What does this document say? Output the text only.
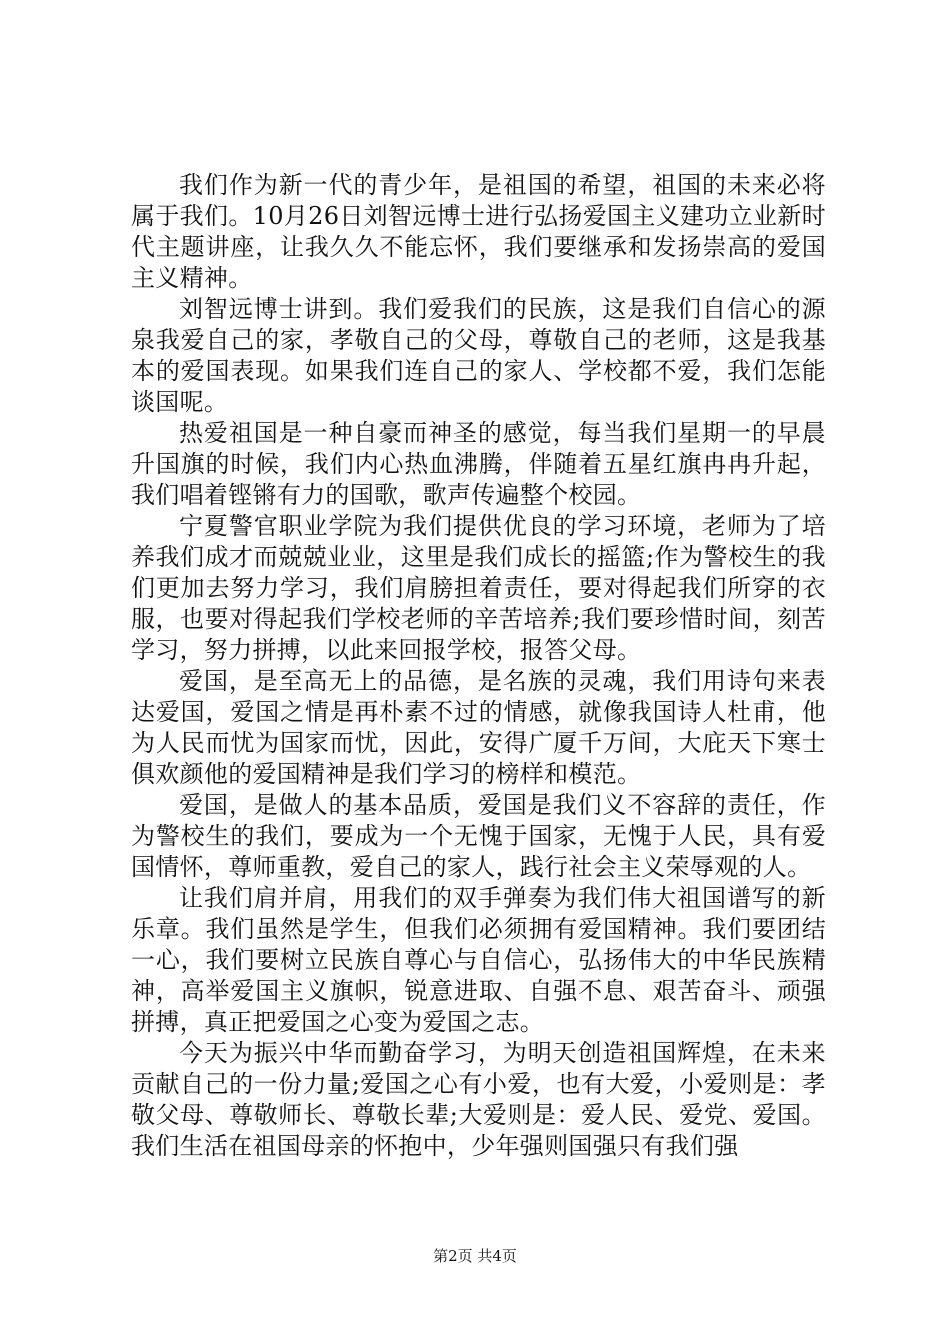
我们作为新一代的青少年，是祖国的希望，祖国的未来必将属于我们。10月26日刘智远博士进行弘扬爱国主义建功立业新时代主题讲座，让我久久不能忘怀，我们要继承和发扬崇高的爱国主义精神。

刘智远博士讲到。我们爱我们的民族，这是我们自信心的源泉我爱自己的家，孝敬自己的父母，尊敬自己的老师，这是我基本的爱国表现。如果我们连自己的家人、学校都不爱，我们怎能谈国呢。

热爱祖国是一种自豪而神圣的感觉，每当我们星期一的早晨升国旗的时候，我们内心热血沸腾，伴随着五星红旗冉冉升起，我们唱着铿锵有力的国歌，歌声传遍整个校园。

宁夏警官职业学院为我们提供优良的学习环境，老师为了培养我们成才而兢兢业业，这里是我们成长的摇篮;作为警校生的我们更加去努力学习，我们肩膀担着责任，要对得起我们所穿的衣服，也要对得起我们学校老师的辛苦培养;我们要珍惜时间，刻苦学习，努力拼搏，以此来回报学校，报答父母。

爱国，是至高无上的品德，是名族的灵魂，我们用诗句来表达爱国，爱国之情是再朴素不过的情感，就像我国诗人杜甫，他为人民而忧为国家而忧，因此，安得广厦千万间，大庇天下寒士俱欢颜他的爱国精神是我们学习的榜样和模范。

爱国，是做人的基本品质，爱国是我们义不容辞的责任，作为警校生的我们，要成为一个无愧于国家，无愧于人民，具有爱国情怀，尊师重教，爱自己的家人，践行社会主义荣辱观的人。

让我们肩并肩，用我们的双手弹奏为我们伟大祖国谱写的新乐章。我们虽然是学生，但我们必须拥有爱国精神。我们要团结一心，我们要树立民族自尊心与自信心，弘扬伟大的中华民族精神，高举爱国主义旗帜，锐意进取、自强不息、艰苦奋斗、顽强拼搏，真正把爱国之心变为爱国之志。

今天为振兴中华而勤奋学习，为明天创造祖国辉煌，在未来贡献自己的一份力量;爱国之心有小爱，也有大爱，小爱则是：孝敬父母、尊敬师长、尊敬长辈;大爱则是：爱人民、爱党、爱国。我们生活在祖国母亲的怀抱中，少年强则国强只有我们强

第2页 共4页
